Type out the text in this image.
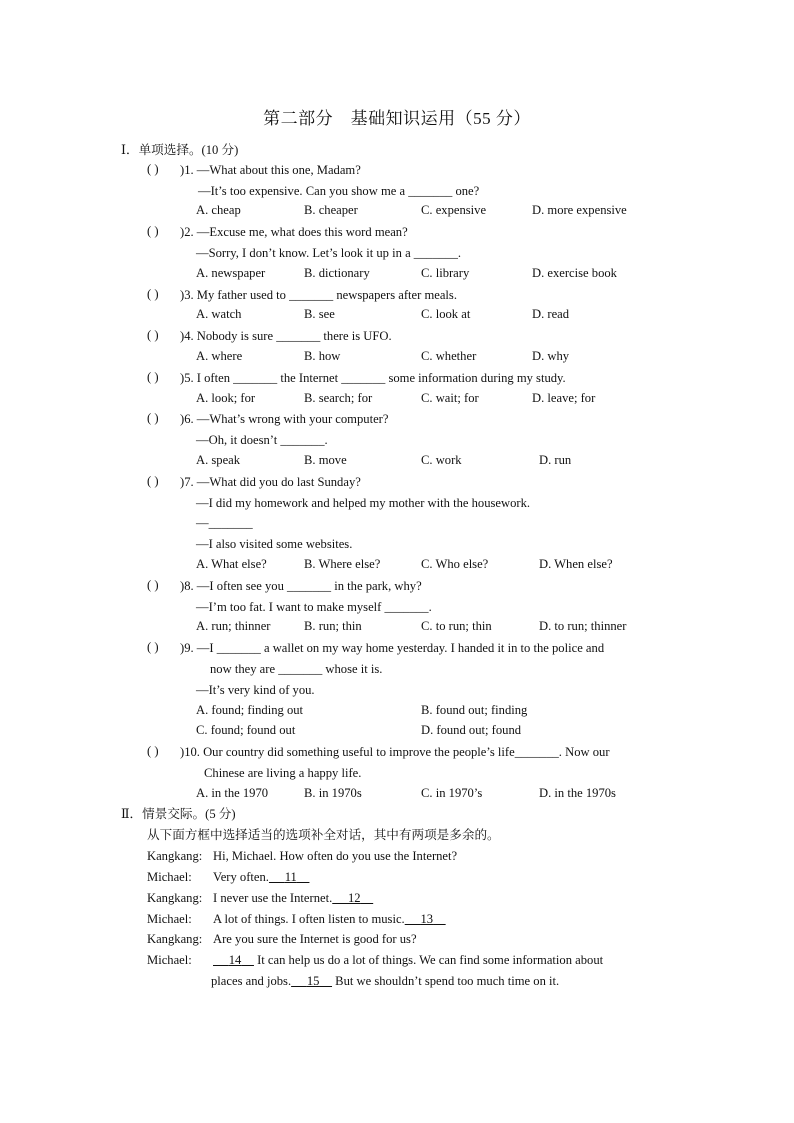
第二部分　基础知识运用（55 分）
Ⅰ．单项选择。(10 分)
( ) )1. —What about this one, Madam?
—It’s too expensive. Can you show me a _______ one?
A. cheap	B. cheaper	C. expensive	D. more expensive
( ) )2. —Excuse me, what does this word mean?
—Sorry, I don’t know. Let’s look it up in a _______.
A. newspaper	B. dictionary	C. library	D. exercise book
( ) )3. My father used to _______ newspapers after meals.
A. watch	B. see	C. look at	D. read
( ) )4. Nobody is sure _______ there is UFO.
A. where	B. how	C. whether	D. why
( ) )5. I often _______ the Internet _______ some information during my study.
A. look; for	B. search; for	C. wait; for	D. leave; for
( ) )6. —What’s wrong with your computer?
—Oh, it doesn’t _______.
A. speak	B. move	C. work	D. run
( ) )7. —What did you do last Sunday?
—I did my homework and helped my mother with the housework.
—_______
—I also visited some websites.
A. What else?	B. Where else?	C. Who else?	D. When else?
( ) )8. —I often see you _______ in the park, why?
—I’m too fat. I want to make myself _______.
A. run; thinner	B. run; thin	C. to run; thin	D. to run; thinner
( ) )9. —I _______ a wallet on my way home yesterday. I handed it in to the police and
now they are _______ whose it is.
—It’s very kind of you.
A. found; finding out	B. found out; finding
C. found; found out	D. found out; found
( ) )10. Our country did something useful to improve the people’s life_______. Now our
Chinese are living a happy life.
A. in the 1970	B. in 1970s	C. in 1970’s	D. in the 1970s
Ⅱ．情景交际。(5 分)
从下面方框中选择适当的选项补全对话，其中有两项是多余的。
Kangkang: Hi, Michael. How often do you use the Internet?
Michael: Very often. 11
Kangkang: I never use the Internet. 12
Michael: A lot of things. I often listen to music. 13
Kangkang: Are you sure the Internet is good for us?
Michael:	14     It can help us do a lot of things. We can find some information about
places and jobs. 15     But we shouldn’t spend too much time on it.
